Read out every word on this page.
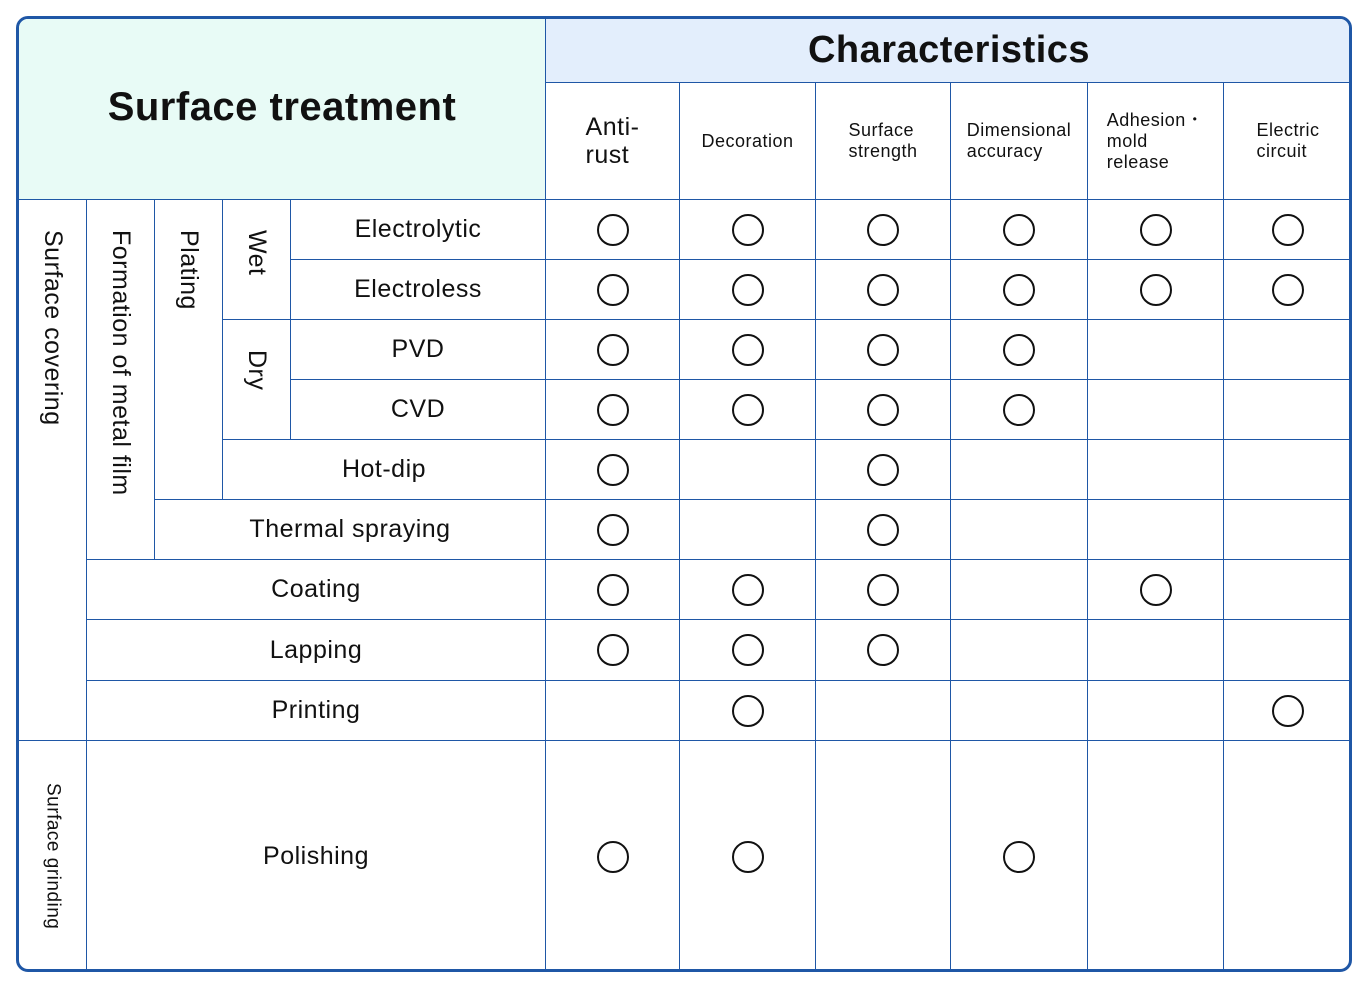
Surface treatment
Characteristics
Surface covering Formation of metal film Plating Wet
Dry
Surface grinding
Anti-
rust
Decoration
Surface
strength
Dimensional
accuracy
Adhesion・
mold
release
Electric
circuit
Electrolytic
Electroless
PVD
CVD
Hot-dip
Thermal spraying
Coating
Lapping
Printing
Polishing
